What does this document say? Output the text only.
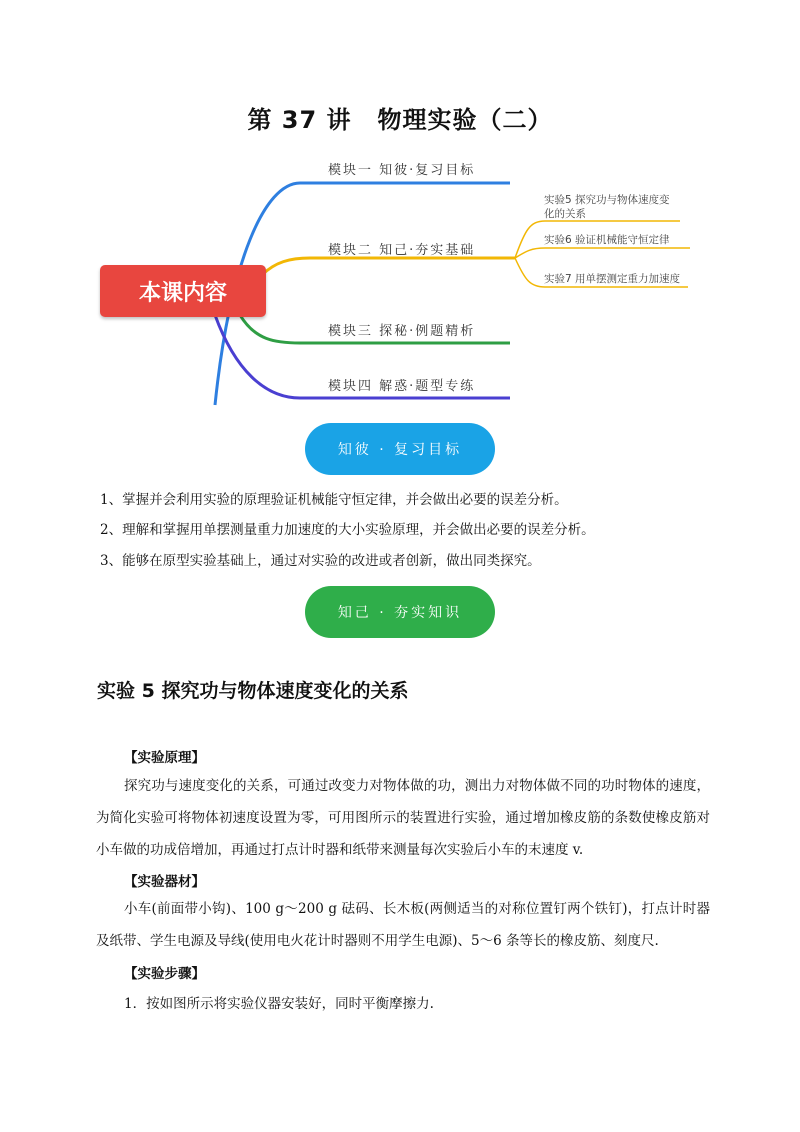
第 37 讲 物理实验（二）
本课内容
模块一 知彼·复习目标
模块二 知己·夯实基础
模块三 探秘·例题精析
模块四 解惑·题型专练
实验5 探究功与物体速度变
化的关系
实验6 验证机械能守恒定律
实验7 用单摆测定重力加速度
知彼 · 复习目标
1、掌握并会利用实验的原理验证机械能守恒定律，并会做出必要的误差分析。
2、理解和掌握用单摆测量重力加速度的大小实验原理，并会做出必要的误差分析。
3、能够在原型实验基础上，通过对实验的改进或者创新，做出同类探究。
知己 · 夯实知识
实验 5 探究功与物体速度变化的关系
【实验原理】

探究功与速度变化的关系，可通过改变力对物体做的功，测出力对物体做不同的功时物体的速度，为简化实验可将物体初速度设置为零，可用图所示的装置进行实验，通过增加橡皮筋的条数使橡皮筋对小车做的功成倍增加，再通过打点计时器和纸带来测量每次实验后小车的末速度 v.

【实验器材】

小车(前面带小钩)、100 g～200 g 砝码、长木板(两侧适当的对称位置钉两个铁钉)，打点计时器及纸带、学生电源及导线(使用电火花计时器则不用学生电源)、5～6 条等长的橡皮筋、刻度尺.

【实验步骤】
1．按如图所示将实验仪器安装好，同时平衡摩擦力.
